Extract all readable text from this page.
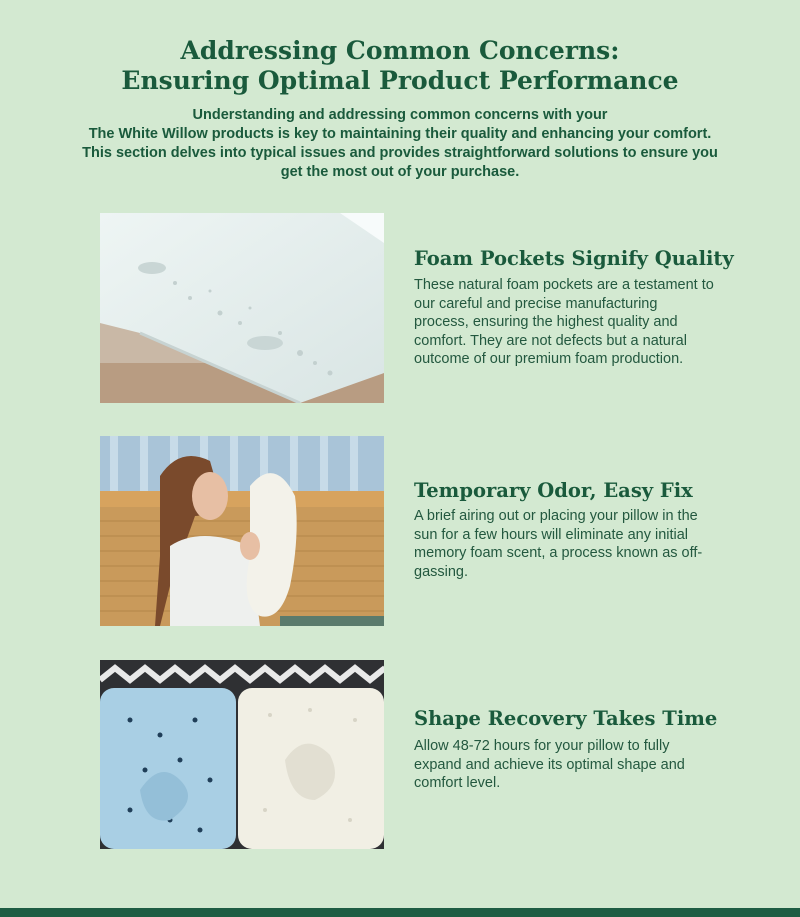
Addressing Common Concerns:
Ensuring Optimal Product Performance
Understanding and addressing common concerns with your
The White Willow products is key to maintaining their quality and enhancing your comfort.
This section delves into typical issues and provides straightforward solutions to ensure you
get the most out of your purchase.
Foam Pockets Signify Quality
These natural foam pockets are a testament to our careful and precise manufacturing process, ensuring the highest quality and comfort. They are not defects but a natural outcome of our premium foam production.
Temporary Odor, Easy Fix
A brief airing out or placing your pillow in the sun for a few hours will eliminate any initial memory foam scent, a process known as off-gassing.
Shape Recovery Takes Time
Allow 48-72 hours for your pillow to fully expand and achieve its optimal shape and comfort level.
